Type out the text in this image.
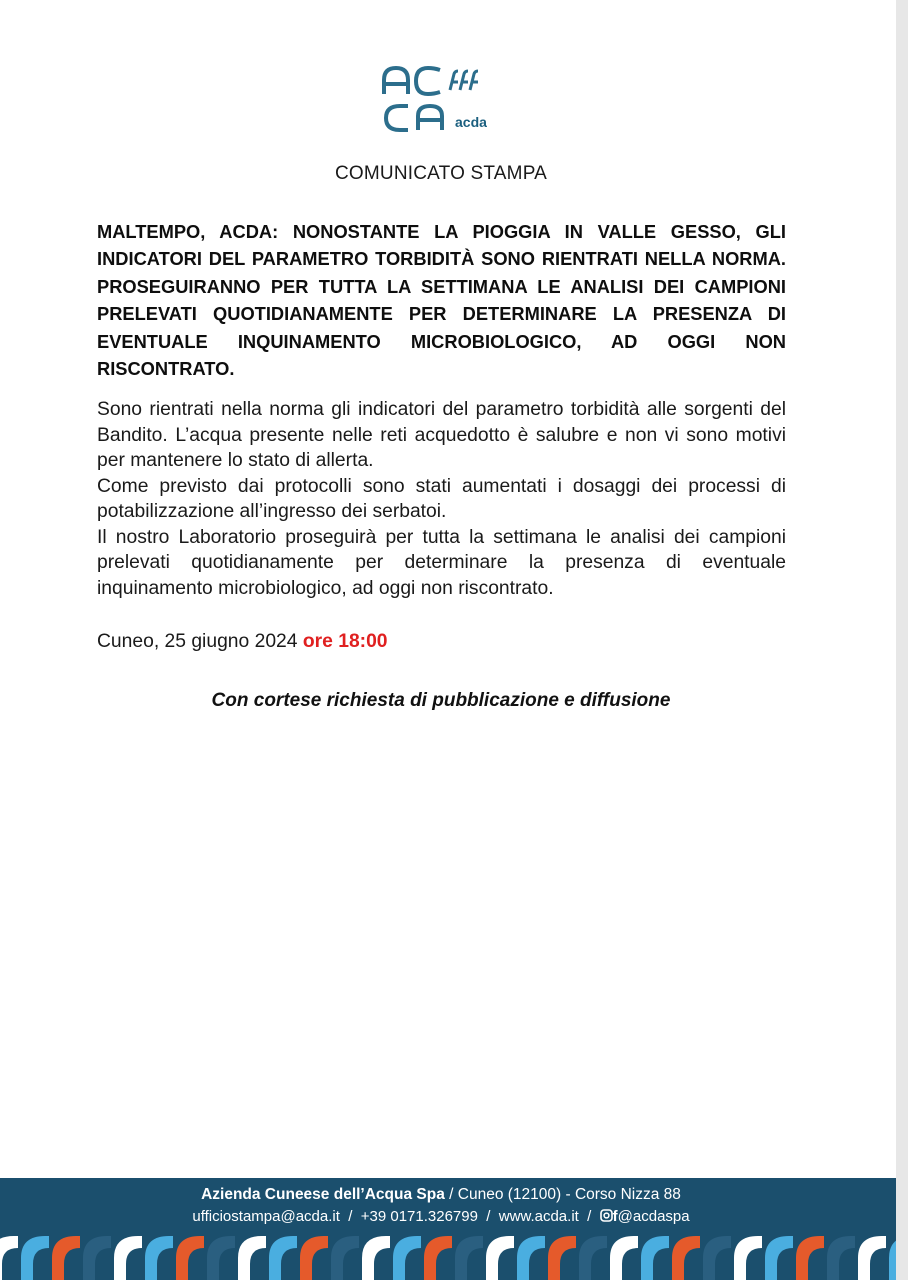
acda
COMUNICATO STAMPA
MALTEMPO, ACDA: NONOSTANTE LA PIOGGIA IN VALLE GESSO, GLI INDICATORI DEL PARAMETRO TORBIDITÀ SONO RIENTRATI NELLA NORMA. PROSEGUIRANNO PER TUTTA LA SETTIMANA LE ANALISI DEI CAMPIONI PRELEVATI QUOTIDIANAMENTE PER DETERMINARE LA PRESENZA DI EVENTUALE INQUINAMENTO MICROBIOLOGICO, AD OGGI NON RISCONTRATO.

Sono rientrati nella norma gli indicatori del parametro torbidità alle sorgenti del Bandito. L’acqua presente nelle reti acquedotto è salubre e non vi sono motivi per mantenere lo stato di allerta.

Come previsto dai protocolli sono stati aumentati i dosaggi dei processi di potabilizzazione all’ingresso dei serbatoi.

Il nostro Laboratorio proseguirà per tutta la settimana le analisi dei campioni prelevati quotidianamente per determinare la presenza di eventuale inquinamento microbiologico, ad oggi non riscontrato.

Cuneo, 25 giugno 2024 ore 18:00
Con cortese richiesta di pubblicazione e diffusione
Azienda Cuneese dell’Acqua Spa / Cuneo (12100) - Corso Nizza 88
ufficiostampa@acda.it  /  +39 0171.326799  /  www.acda.it  /  f@acdaspa
